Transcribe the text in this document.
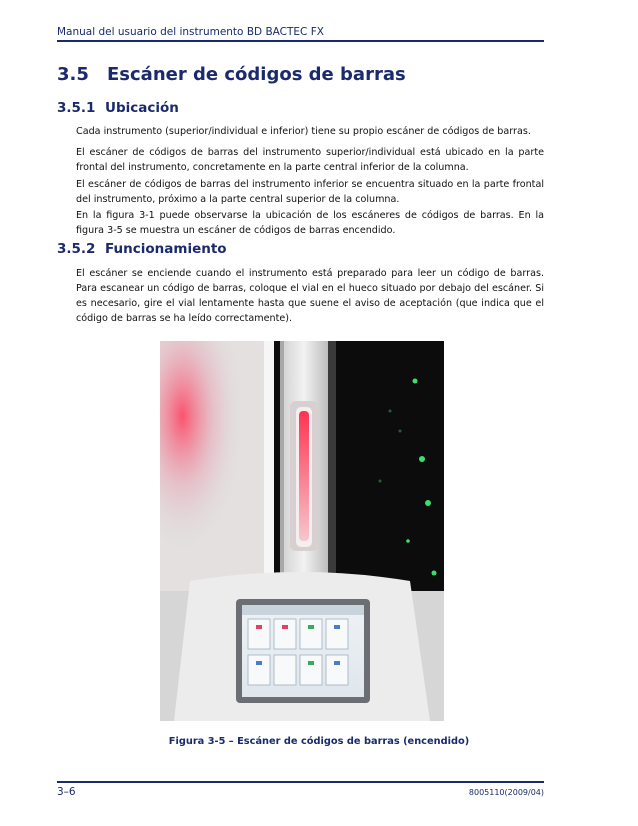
Manual del usuario del instrumento BD BACTEC FX
3.5 Escáner de códigos de barras
3.5.1 Ubicación
Cada instrumento (superior/individual e inferior) tiene su propio escáner de códigos de barras.
El escáner de códigos de barras del instrumento superior/individual está ubicado en la parte frontal del instrumento, concretamente en la parte central inferior de la columna.
El escáner de códigos de barras del instrumento inferior se encuentra situado en la parte frontal del instrumento, próximo a la parte central superior de la columna.
En la figura 3-1 puede observarse la ubicación de los escáneres de códigos de barras. En la figura 3-5 se muestra un escáner de códigos de barras encendido.
3.5.2 Funcionamiento
El escáner se enciende cuando el instrumento está preparado para leer un código de barras. Para escanear un código de barras, coloque el vial en el hueco situado por debajo del escáner. Si es necesario, gire el vial lentamente hasta que suene el aviso de aceptación (que indica que el código de barras se ha leído correctamente).
Figura 3-5 – Escáner de códigos de barras (encendido)
3–6	8005110(2009/04)
